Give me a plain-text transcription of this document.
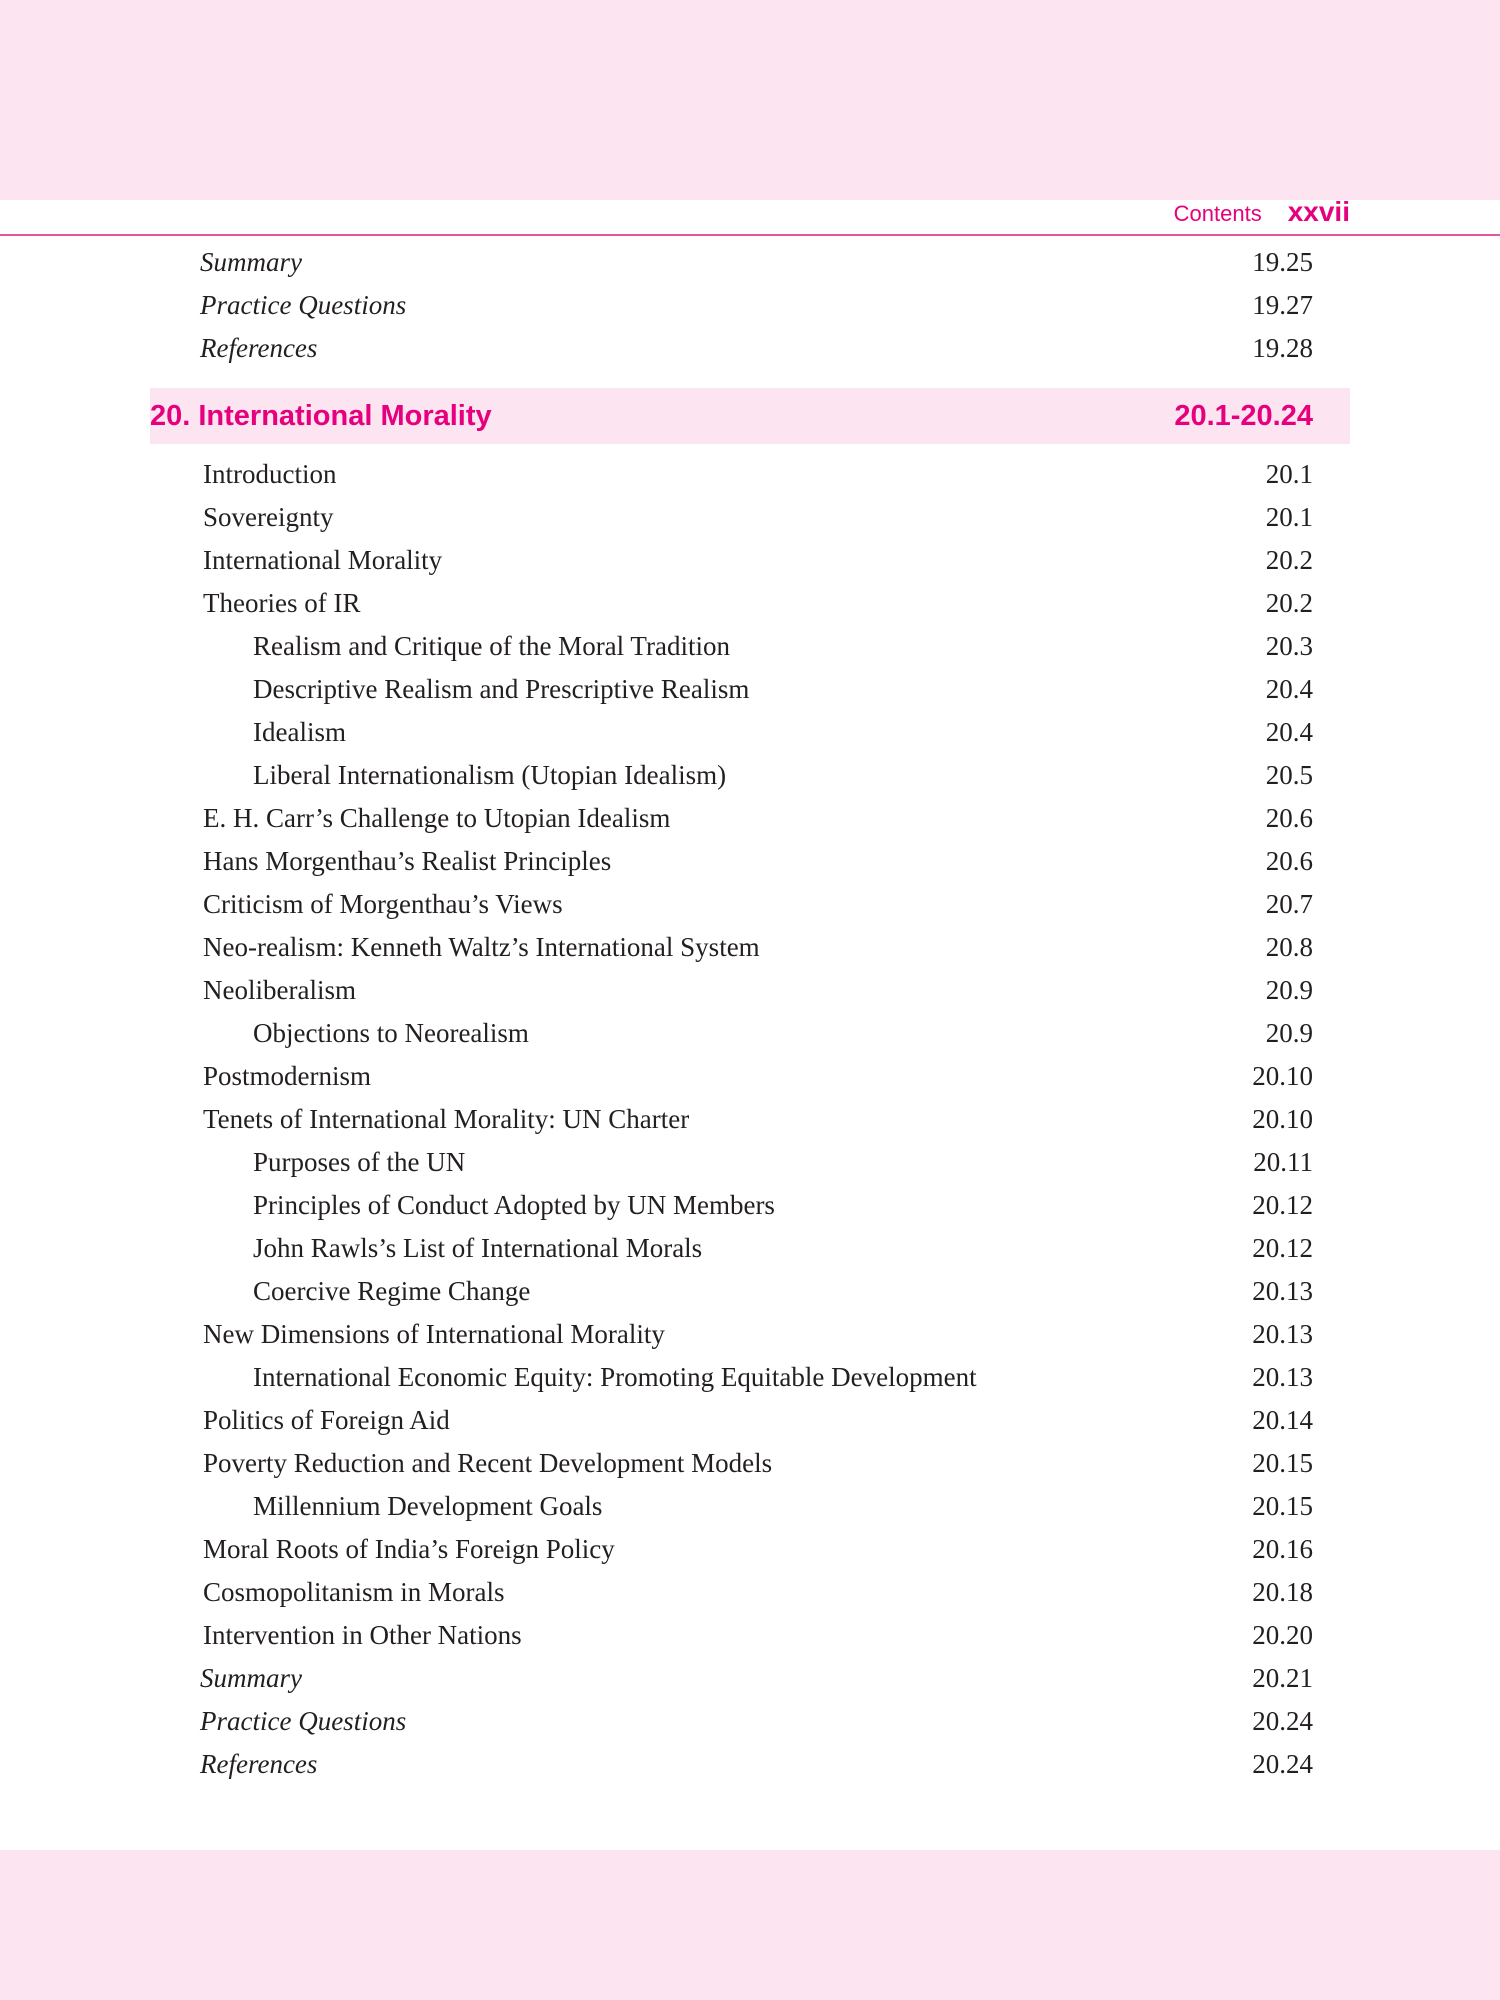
Contents xxvii
Summary	19.25
Practice Questions	19.27
References	19.28
20. International Morality	20.1-20.24
Introduction	20.1
Sovereignty	20.1
International Morality	20.2
Theories of IR	20.2
Realism and Critique of the Moral Tradition	20.3
Descriptive Realism and Prescriptive Realism	20.4
Idealism	20.4
Liberal Internationalism (Utopian Idealism)	20.5
E. H. Carr’s Challenge to Utopian Idealism	20.6
Hans Morgenthau’s Realist Principles	20.6
Criticism of Morgenthau’s Views	20.7
Neo-realism: Kenneth Waltz’s International System	20.8
Neoliberalism	20.9
Objections to Neorealism	20.9
Postmodernism	20.10
Tenets of International Morality: UN Charter	20.10
Purposes of the UN	20.11
Principles of Conduct Adopted by UN Members	20.12
John Rawls’s List of International Morals	20.12
Coercive Regime Change	20.13
New Dimensions of International Morality	20.13
International Economic Equity: Promoting Equitable Development	20.13
Politics of Foreign Aid	20.14
Poverty Reduction and Recent Development Models	20.15
Millennium Development Goals	20.15
Moral Roots of India’s Foreign Policy	20.16
Cosmopolitanism in Morals	20.18
Intervention in Other Nations	20.20
Summary	20.21
Practice Questions	20.24
References	20.24
